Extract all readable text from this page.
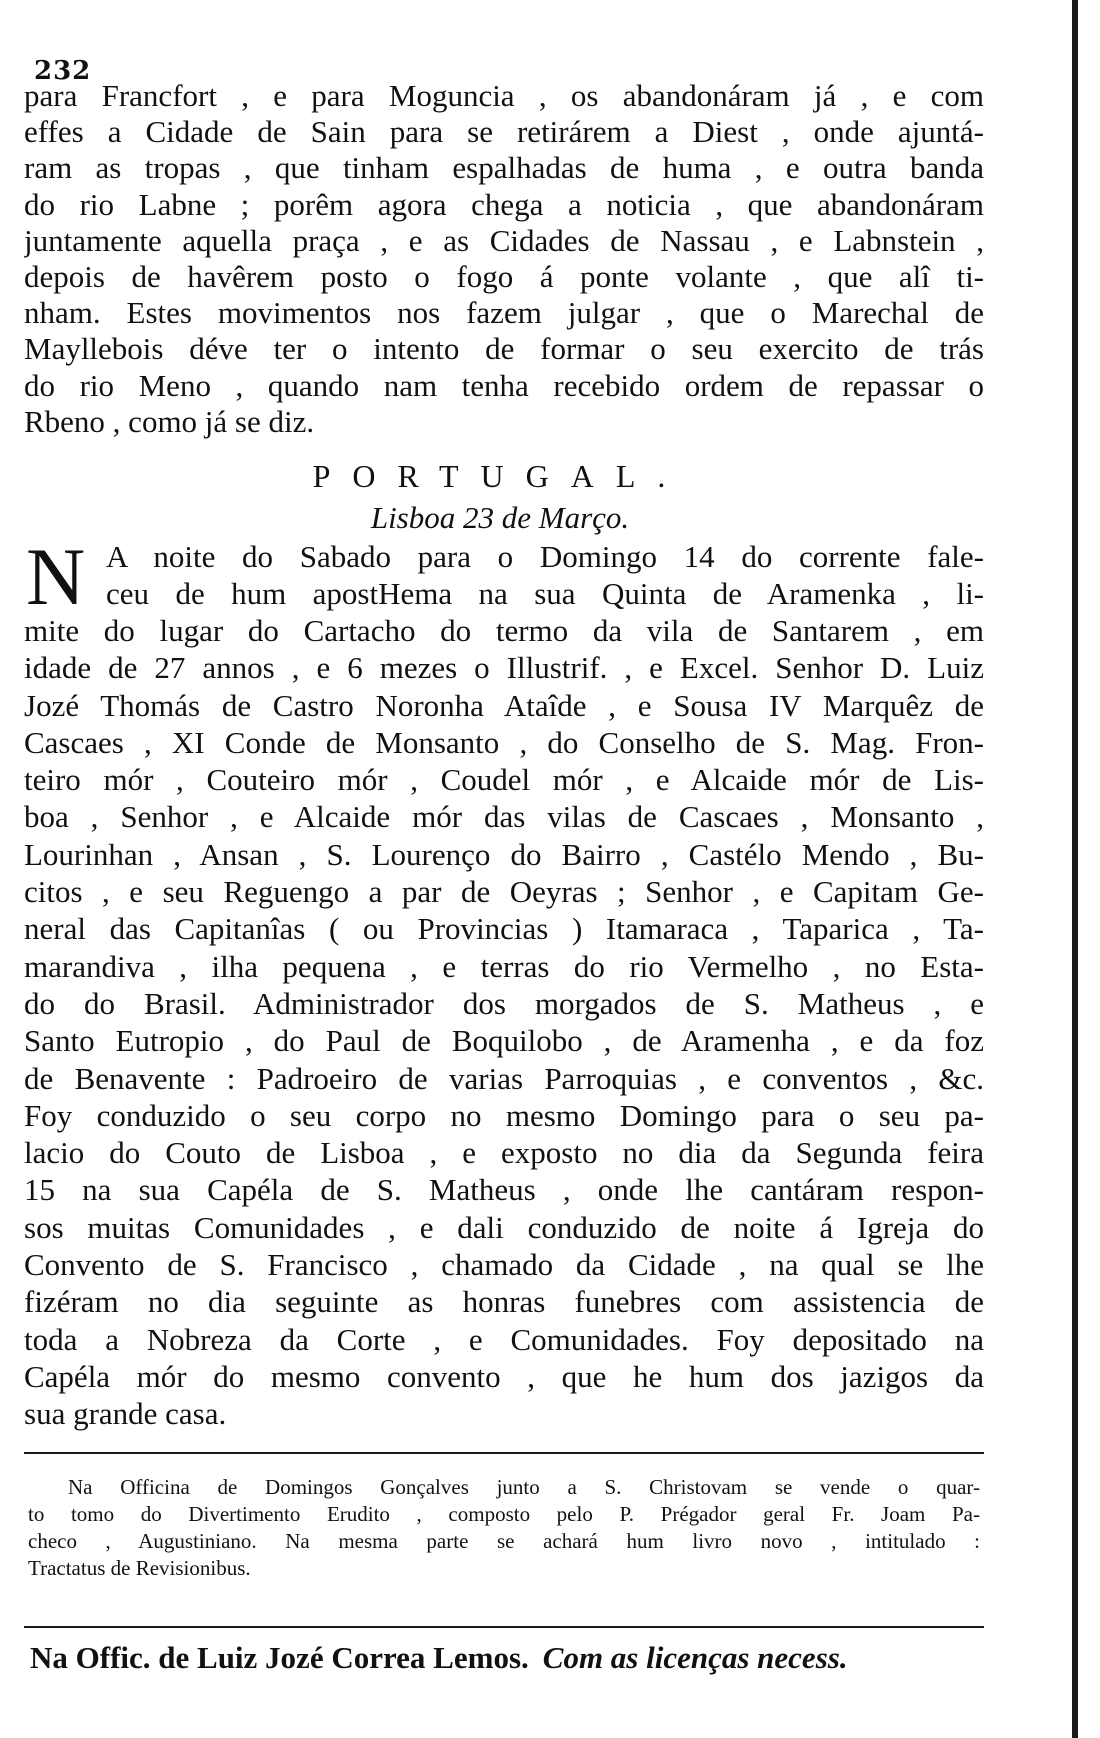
232
para Francfort , e para Moguncia , os abandonáram já , e com
effes a Cidade de Sain para se retirárem a Diest , onde ajuntá-
ram as tropas , que tinham espalhadas de huma , e outra banda
do rio Labne ; porêm agora chega a noticia , que abandonáram
juntamente aquella praça , e as Cidades de Nassau , e Labnstein ,
depois de havêrem posto o fogo á ponte volante , que alî ti-
nham. Estes movimentos nos fazem julgar , que o Marechal de
Mayllebois déve ter o intento de formar o seu exercito de trás
do rio Meno , quando nam tenha recebido ordem de repassar o
Rbeno , como já se diz.
PORTUGAL.
Lisboa 23 de Março.
N A noite do Sabado para o Domingo 14 do corrente fale-
ceu de hum apostHema na sua Quinta de Aramenka , li-
mite do lugar do Cartacho do termo da vila de Santarem , em
idade de 27 annos , e 6 mezes o Illustrif. , e Excel. Senhor D. Luiz
Jozé Thomás de Castro Noronha Ataîde , e Sousa IV Marquêz de
Cascaes , XI Conde de Monsanto , do Conselho de S. Mag. Fron-
teiro mór , Couteiro mór , Coudel mór , e Alcaide mór de Lis-
boa , Senhor , e Alcaide mór das vilas de Cascaes , Monsanto ,
Lourinhan , Ansan , S. Lourenço do Bairro , Castélo Mendo , Bu-
citos , e seu Reguengo a par de Oeyras ; Senhor , e Capitam Ge-
neral das Capitanîas ( ou Provincias ) Itamaraca , Taparica , Ta-
marandiva , ilha pequena , e terras do rio Vermelho , no Esta-
do do Brasil. Administrador dos morgados de S. Matheus , e
Santo Eutropio , do Paul de Boquilobo , de Aramenha , e da foz
de Benavente : Padroeiro de varias Parroquias , e conventos , &c.
Foy conduzido o seu corpo no mesmo Domingo para o seu pa-
lacio do Couto de Lisboa , e exposto no dia da Segunda feira
15 na sua Capéla de S. Matheus , onde lhe cantáram respon-
sos muitas Comunidades , e dali conduzido de noite á Igreja do
Convento de S. Francisco , chamado da Cidade , na qual se lhe
fizéram no dia seguinte as honras funebres com assistencia de
toda a Nobreza da Corte , e Comunidades. Foy depositado na
Capéla mór do mesmo convento , que he hum dos jazigos da
sua grande casa.
Na Officina de Domingos Gonçalves junto a S. Christovam se vende o quar-
to tomo do Divertimento Erudito , composto pelo P. Prégador geral Fr. Joam Pa-
checo , Augustiniano. Na mesma parte se achará hum livro novo , intitulado :
Tractatus de Revisionibus.
Na Offic. de Luiz Jozé Correa Lemos. Com as licenças necess.
